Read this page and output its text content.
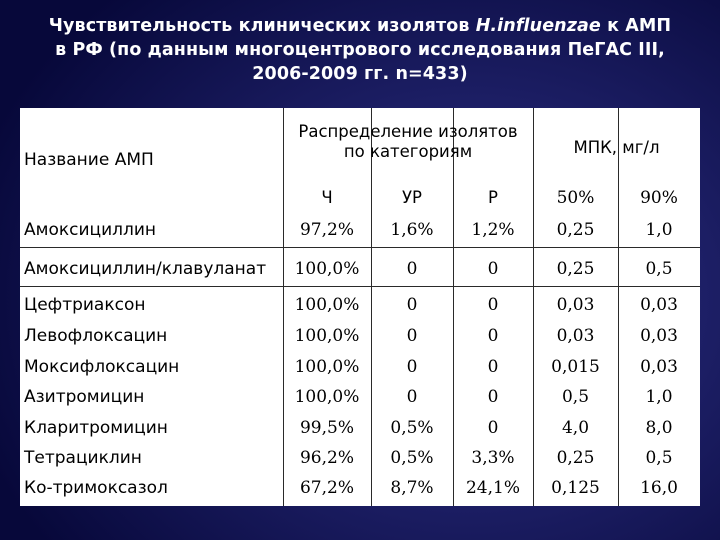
Чувствительность клинических изолятов H.influenzae к АМП
в РФ (по данным многоцентрового исследования ПеГАС III,
2006-2009 гг. n=433)
Название АМП
Распределение изолятов
по категориям	МПК, мг/л
Ч	УР	Р	50%	90%
Амоксициллин	97,2%	1,6%	1,2%	0,25	1,0
Амоксициллин/клавуланат	100,0%	0	0	0,25	0,5
Цефтриаксон	100,0%	0	0	0,03	0,03
Левофлоксацин	100,0%	0	0	0,03	0,03
Моксифлоксацин	100,0%	0	0	0,015	0,03
Азитромицин	100,0%	0	0	0,5	1,0
Кларитромицин	99,5%	0,5%	0	4,0	8,0
Тетрациклин	96,2%	0,5%	3,3%	0,25	0,5
Ко-тримоксазол	67,2%	8,7%	24,1%	0,125	16,0
